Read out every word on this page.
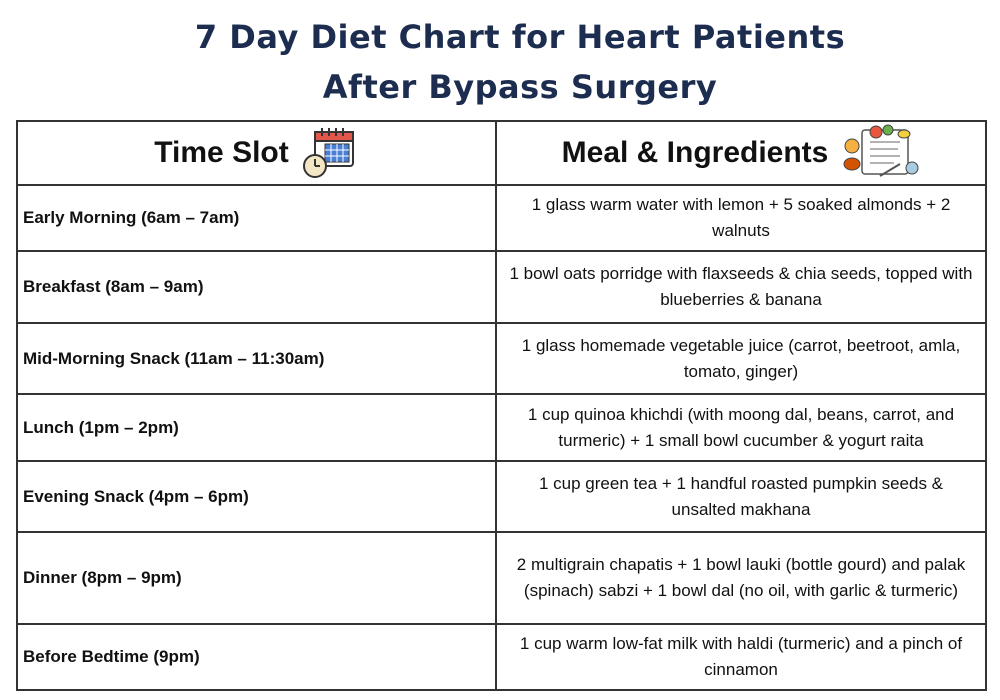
7 Day Diet Chart for Heart Patients
After Bypass Surgery
Time Slot	Meal & Ingredients

Early Morning (6am – 7am)	1 glass warm water with lemon + 5 soaked almonds + 2 walnuts
Breakfast (8am – 9am)	1 bowl oats porridge with flaxseeds & chia seeds, topped with blueberries & banana
Mid-Morning Snack (11am – 11:30am)	1 glass homemade vegetable juice (carrot, beetroot, amla, tomato, ginger)
Lunch (1pm – 2pm)	1 cup quinoa khichdi (with moong dal, beans, carrot, and turmeric) + 1 small bowl cucumber & yogurt raita
Evening Snack (4pm – 6pm)	1 cup green tea + 1 handful roasted pumpkin seeds & unsalted makhana
Dinner (8pm – 9pm)	2 multigrain chapatis + 1 bowl lauki (bottle gourd) and palak (spinach) sabzi + 1 bowl dal (no oil, with garlic & turmeric)
Before Bedtime (9pm)	1 cup warm low-fat milk with haldi (turmeric) and a pinch of cinnamon
